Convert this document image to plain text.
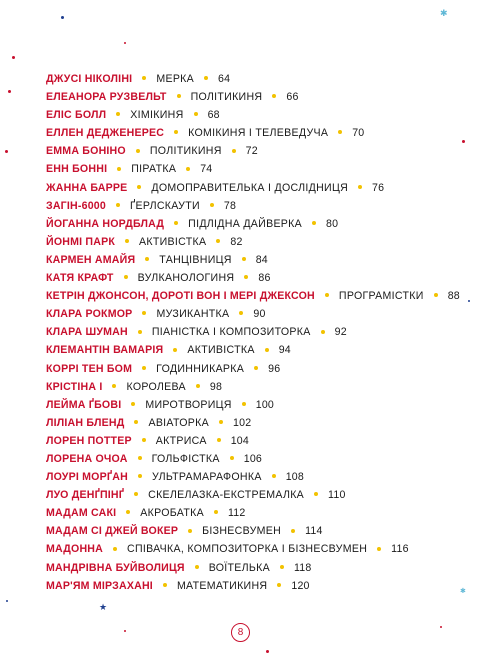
✱
★
✱
ДЖУСІ НІКОЛІНІ МЕРКА 64
ЕЛЕАНОРА РУЗВЕЛЬТ ПОЛІТИКИНЯ 66
ЕЛІС БОЛЛ ХІМІКИНЯ 68
ЕЛЛЕН ДЕДЖЕНЕРЕС КОМІКИНЯ І ТЕЛЕВЕДУЧА 70
ЕММА БОНІНО ПОЛІТИКИНЯ 72
ЕНН БОННІ ПІРАТКА 74
ЖАННА БАРРЕ ДОМОПРАВИТЕЛЬКА І ДОСЛІДНИЦЯ 76
ЗАГІН-6000 ҐЕРЛСКАУТИ 78
ЙОГАННА НОРДБЛАД ПІДЛІДНА ДАЙВЕРКА 80
ЙОНМІ ПАРК АКТИВІСТКА 82
КАРМЕН АМАЙЯ ТАНЦІВНИЦЯ 84
КАТЯ КРАФТ ВУЛКАНОЛОГИНЯ 86
КЕТРІН ДЖОНСОН, ДОРОТІ ВОН І МЕРІ ДЖЕКСОН ПРОГРАМІСТКИ 88
КЛАРА РОКМОР МУЗИКАНТКА 90
КЛАРА ШУМАН ПІАНІСТКА І КОМПОЗИТОРКА 92
КЛЕМАНТІН ВАМАРІЯ АКТИВІСТКА 94
КОРРІ ТЕН БОМ ГОДИННИКАРКА 96
КРІСТІНА І КОРОЛЕВА 98
ЛЕЙМА ҐБОВІ МИРОТВОРИЦЯ 100
ЛІЛІАН БЛЕНД АВІАТОРКА 102
ЛОРЕН ПОТТЕР АКТРИСА 104
ЛОРЕНА ОЧОА ГОЛЬФІСТКА 106
ЛОУРІ МОРҐАН УЛЬТРАМАРАФОНКА 108
ЛУО ДЕНҐПІНҐ СКЕЛЕЛАЗКА-ЕКСТРЕМАЛКА 110
МАДАМ САКІ АКРОБАТКА 112
МАДАМ СІ ДЖЕЙ ВОКЕР БІЗНЕСВУМЕН 114
МАДОННА СПІВАЧКА, КОМПОЗИТОРКА І БІЗНЕСВУМЕН 116
МАНДРІВНА БУЙВОЛИЦЯ ВОЇТЕЛЬКА 118
МАР'ЯМ МІРЗАХАНІ МАТЕМАТИКИНЯ 120
8
